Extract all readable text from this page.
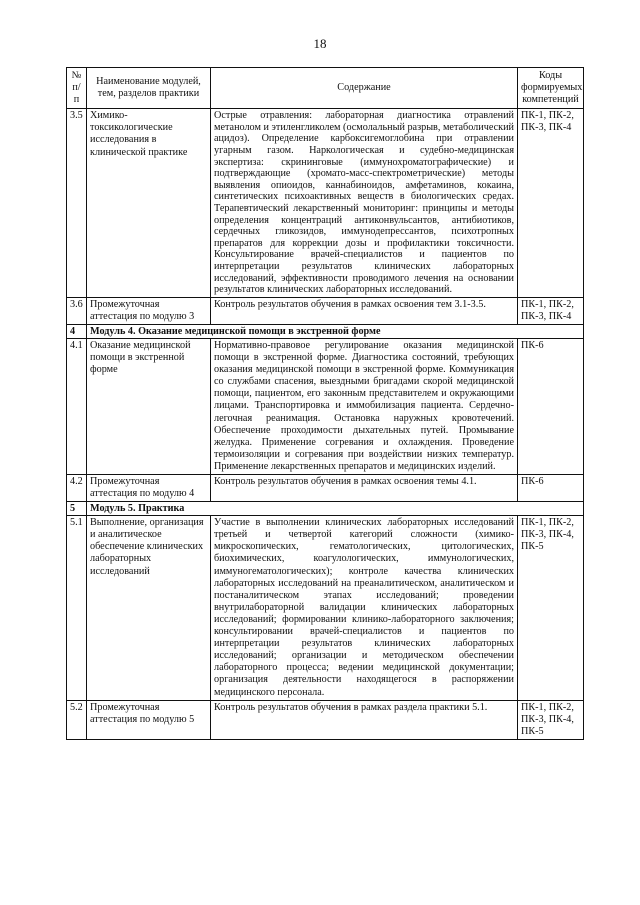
18
№ п/п	Наименование модулей, тем, разделов практики	Содержание	Коды формируемых компетенций
3.5	Химико-токсикологические исследования в клинической практике	Острые отравления: лабораторная диагностика отравлений метанолом и этиленгликолем (осмолальный разрыв, метаболический ацидоз). Определение карбоксигемоглобина при отравлении угарным газом. Наркологическая и судебно-медицинская экспертиза: скрининговые (иммунохроматографические) и подтверждающие (хромато-масс-спектрометрические) методы выявления опиоидов, каннабиноидов, амфетаминов, кокаина, синтетических психоактивных веществ в биологических средах. Терапевтический лекарственный мониторинг: принципы и методы определения концентраций антиконвульсантов, антибиотиков, сердечных гликозидов, иммунодепрессантов, психотропных препаратов для коррекции дозы и профилактики токсичности. Консультирование врачей-специалистов и пациентов по интерпретации результатов клинических лабораторных исследований, эффективности проводимого лечения на основании результатов клинических лабораторных исследований.	ПК-1, ПК-2, ПК-3, ПК-4
3.6	Промежуточная аттестация по модулю 3	Контроль результатов обучения в рамках освоения тем 3.1-3.5.	ПК-1, ПК-2, ПК-3, ПК-4
4	Модуль 4. Оказание медицинской помощи в экстренной форме		
4.1	Оказание медицинской помощи в экстренной форме	Нормативно-правовое регулирование оказания медицинской помощи в экстренной форме. Диагностика состояний, требующих оказания медицинской помощи в экстренной форме. Коммуникация со службами спасения, выездными бригадами скорой медицинской помощи, пациентом, его законным представителем и окружающими лицами. Транспортировка и иммобилизация пациента. Сердечно-легочная реанимация. Остановка наружных кровотечений. Обеспечение проходимости дыхательных путей. Промывание желудка. Применение согревания и охлаждения. Проведение термоизоляции и согревания при воздействии низких температур. Применение лекарственных препаратов и медицинских изделий.	ПК-6
4.2	Промежуточная аттестация по модулю 4	Контроль результатов обучения в рамках освоения темы 4.1.	ПК-6
5	Модуль 5. Практика		
5.1	Выполнение, организация и аналитическое обеспечение клинических лабораторных исследований	Участие в выполнении клинических лабораторных исследований третьей и четвертой категорий сложности (химико-микроскопических, гематологических, цитологических, биохимических, коагулологических, иммунологических, иммуногематологических); контроле качества клинических лабораторных исследований на преаналитическом, аналитическом и постаналитическом этапах исследований; проведении внутрилабораторной валидации клинических лабораторных исследований; формировании клинико-лабораторного заключения; консультировании врачей-специалистов и пациентов по интерпретации результатов клинических лабораторных исследований; организации и методическом обеспечении лабораторного процесса; ведении медицинской документации; организация деятельности находящегося в распоряжении медицинского персонала.	ПК-1, ПК-2, ПК-3, ПК-4, ПК-5
5.2	Промежуточная аттестация по модулю 5	Контроль результатов обучения в рамках раздела практики 5.1.	ПК-1, ПК-2, ПК-3, ПК-4, ПК-5
